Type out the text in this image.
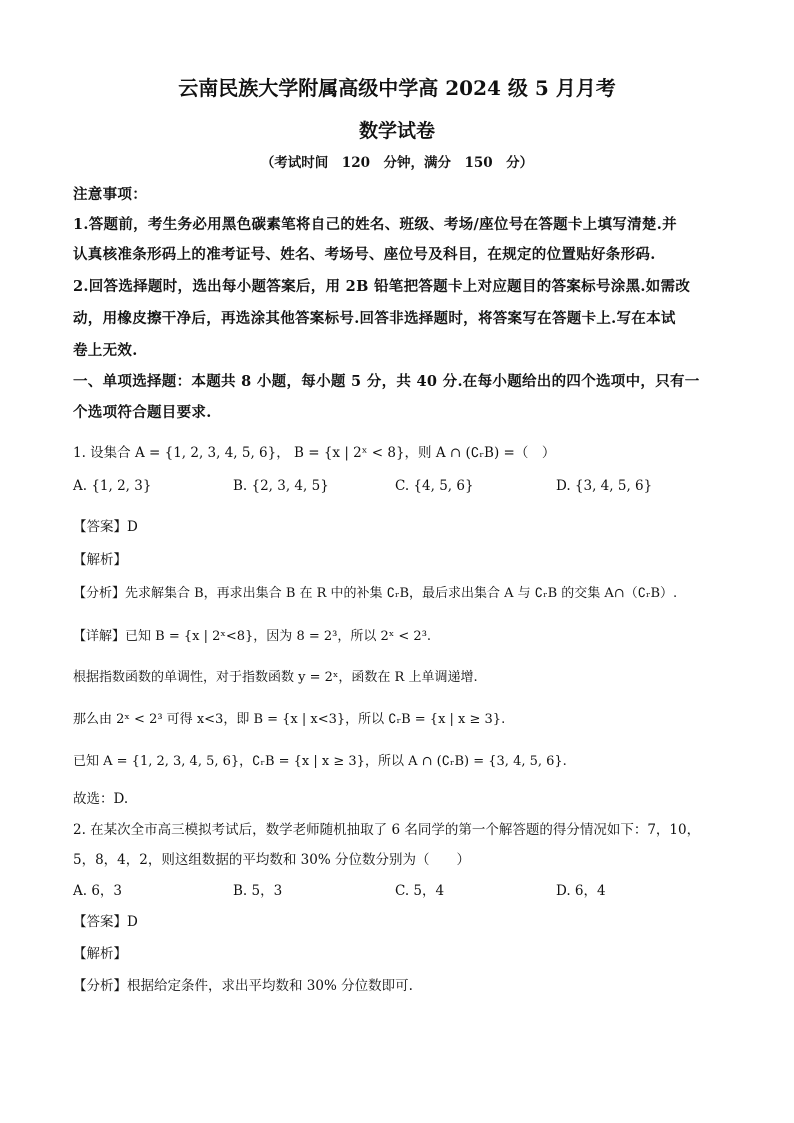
云南民族大学附属高级中学高 2024 级 5 月月考
数学试卷
（考试时间　120　分钟，满分　150　分）
注意事项：
1.答题前，考生务必用黑色碳素笔将自己的姓名、班级、考场/座位号在答题卡上填写清楚.并
认真核准条形码上的准考证号、姓名、考场号、座位号及科目，在规定的位置贴好条形码.
2.回答选择题时，选出每小题答案后，用 2B 铅笔把答题卡上对应题目的答案标号涂黑.如需改
动，用橡皮擦干净后，再选涂其他答案标号.回答非选择题时，将答案写在答题卡上.写在本试
卷上无效.
一、单项选择题：本题共 8 小题，每小题 5 分，共 40 分.在每小题给出的四个选项中，只有一
个选项符合题目要求.
1. 设集合 A = {1, 2, 3, 4, 5, 6}， B = {x | 2ˣ < 8}，则 A ∩ (∁ᵣB) =（　）
A. {1, 2, 3}	B. {2, 3, 4, 5}	C. {4, 5, 6}	D. {3, 4, 5, 6}
【答案】D
【解析】
【分析】先求解集合 B，再求出集合 B 在 R 中的补集 ∁ᵣB，最后求出集合 A 与 ∁ᵣB 的交集 A∩（∁ᵣB）.
【详解】已知 B = {x | 2ˣ<8}，因为 8 = 2³，所以 2ˣ < 2³.
根据指数函数的单调性，对于指数函数 y = 2ˣ，函数在 R 上单调递增.
那么由 2ˣ < 2³ 可得 x<3，即 B = {x | x<3}，所以 ∁ᵣB = {x | x ≥ 3}.
已知 A = {1, 2, 3, 4, 5, 6}，∁ᵣB = {x | x ≥ 3}，所以 A ∩ (∁ᵣB) = {3, 4, 5, 6}.
故选：D.
2. 在某次全市高三模拟考试后，数学老师随机抽取了 6 名同学的第一个解答题的得分情况如下：7，10，
5，8，4，2，则这组数据的平均数和 30% 分位数分别为（　　）
A. 6，3	B. 5，3	C. 5，4	D. 6，4
【答案】D
【解析】
【分析】根据给定条件，求出平均数和 30% 分位数即可.
